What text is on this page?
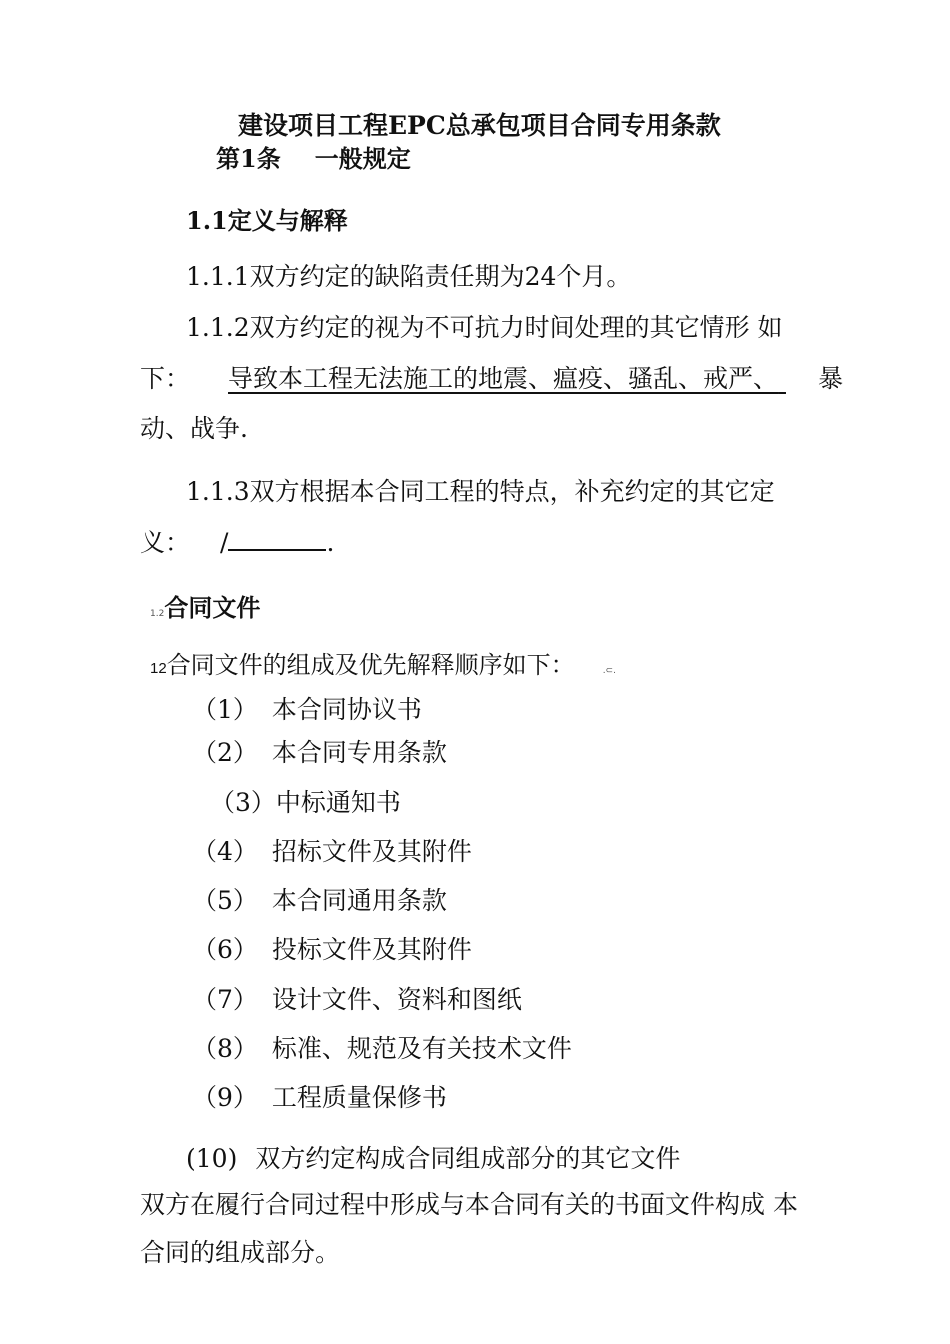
建设项目工程EPC总承包项目合同专用条款
第1条 一般规定
1.1定义与解释
1.1.1双方约定的缺陷责任期为24个月。
1.1.2双方约定的视为不可抗力时间处理的其它情形 如
下： 导致本工程无法施工的地震、瘟疫、骚乱、戒严、 暴
动、战争.
1.1.3双方根据本合同工程的特点，补充约定的其它定
义： /	.
1.2合同文件
12合同文件的组成及优先解释顺序如下：	.⊂.
（1） 本合同协议书
（2） 本合同专用条款
（3）中标通知书
（4） 招标文件及其附件
（5） 本合同通用条款
（6） 投标文件及其附件
（7） 设计文件、资料和图纸
（8） 标准、规范及有关技术文件
（9） 工程质量保修书
(10) 双方约定构成合同组成部分的其它文件
双方在履行合同过程中形成与本合同有关的书面文件构成 本
合同的组成部分。
